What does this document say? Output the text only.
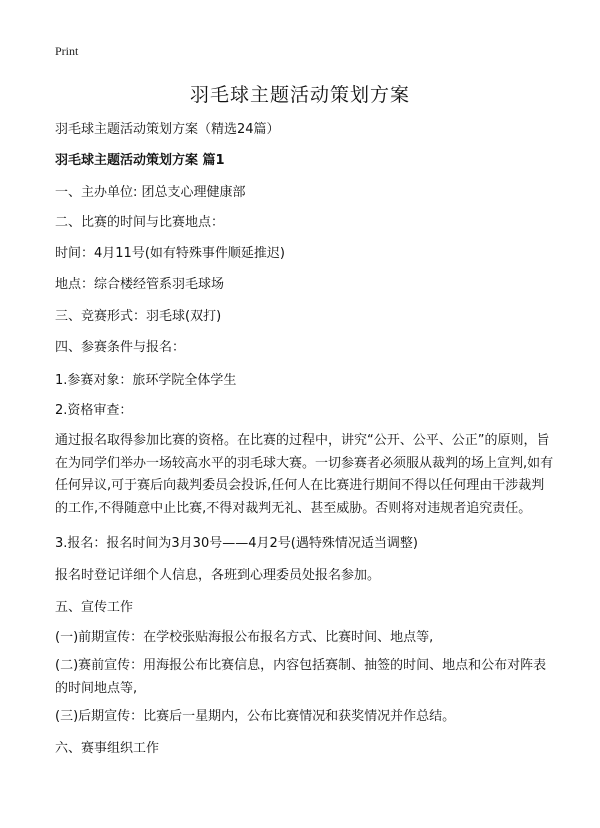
Print
羽毛球主题活动策划方案
羽毛球主题活动策划方案（精选24篇）
羽毛球主题活动策划方案 篇1
一、主办单位: 团总支心理健康部
二、比赛的时间与比赛地点：
时间：4月11号(如有特殊事件顺延推迟)
地点：综合楼经管系羽毛球场
三、竞赛形式：羽毛球(双打)
四、参赛条件与报名：
1.参赛对象：旅环学院全体学生
2.资格审查：
通过报名取得参加比赛的资格。在比赛的过程中，讲究“公开、公平、公正”的原则，旨在为同学们举办一场较高水平的羽毛球大赛。一切参赛者必须服从裁判的场上宣判,如有任何异议,可于赛后向裁判委员会投诉,任何人在比赛进行期间不得以任何理由干涉裁判的工作,不得随意中止比赛,不得对裁判无礼、甚至威胁。否则将对违规者追究责任。
3.报名：报名时间为3月30号——4月2号(遇特殊情况适当调整)
报名时登记详细个人信息，各班到心理委员处报名参加。
五、宣传工作
(一)前期宣传：在学校张贴海报公布报名方式、比赛时间、地点等,
(二)赛前宣传：用海报公布比赛信息，内容包括赛制、抽签的时间、地点和公布对阵表的时间地点等,
(三)后期宣传：比赛后一星期内，公布比赛情况和获奖情况并作总结。
六、赛事组织工作
